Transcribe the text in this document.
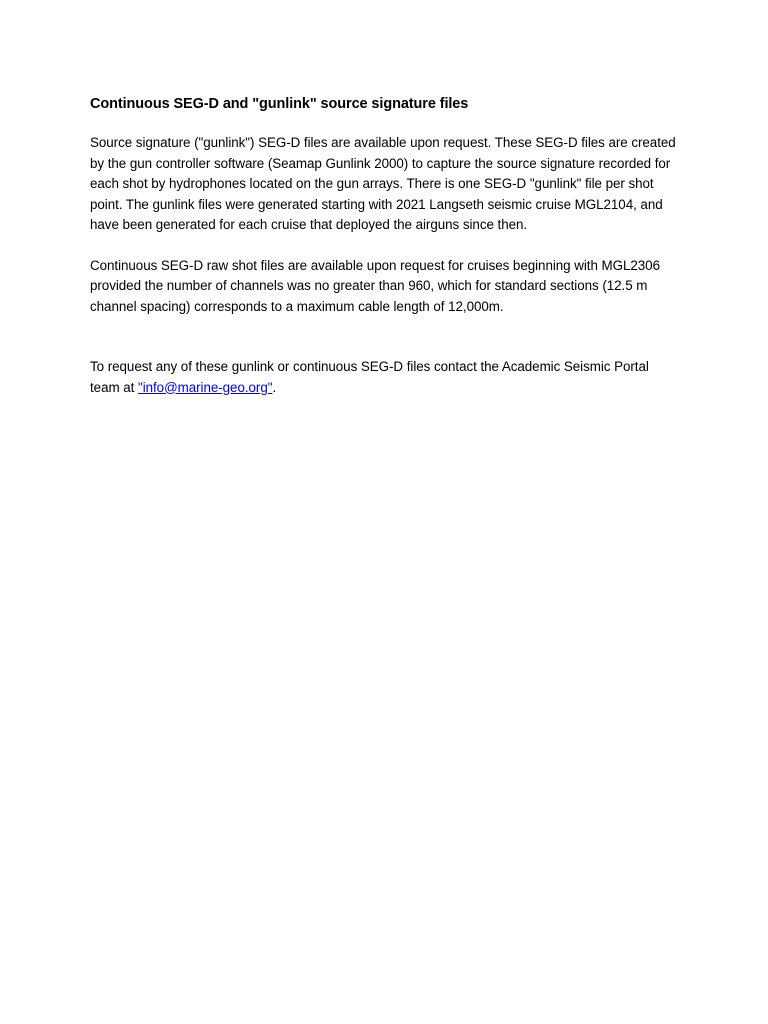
Continuous SEG-D and "gunlink" source signature files

Source signature ("gunlink") SEG-D files are available upon request. These SEG-D files are created by the gun controller software (Seamap Gunlink 2000) to capture the source signature recorded for each shot by hydrophones located on the gun arrays. There is one SEG-D "gunlink" file per shot point. The gunlink files were generated starting with 2021 Langseth seismic cruise MGL2104, and have been generated for each cruise that deployed the airguns since then.

Continuous SEG-D raw shot files are available upon request for cruises beginning with MGL2306 provided the number of channels was no greater than 960, which for standard sections (12.5 m channel spacing) corresponds to a maximum cable length of 12,000m.

To request any of these gunlink or continuous SEG-D files contact the Academic Seismic Portal team at "info@marine-geo.org".
